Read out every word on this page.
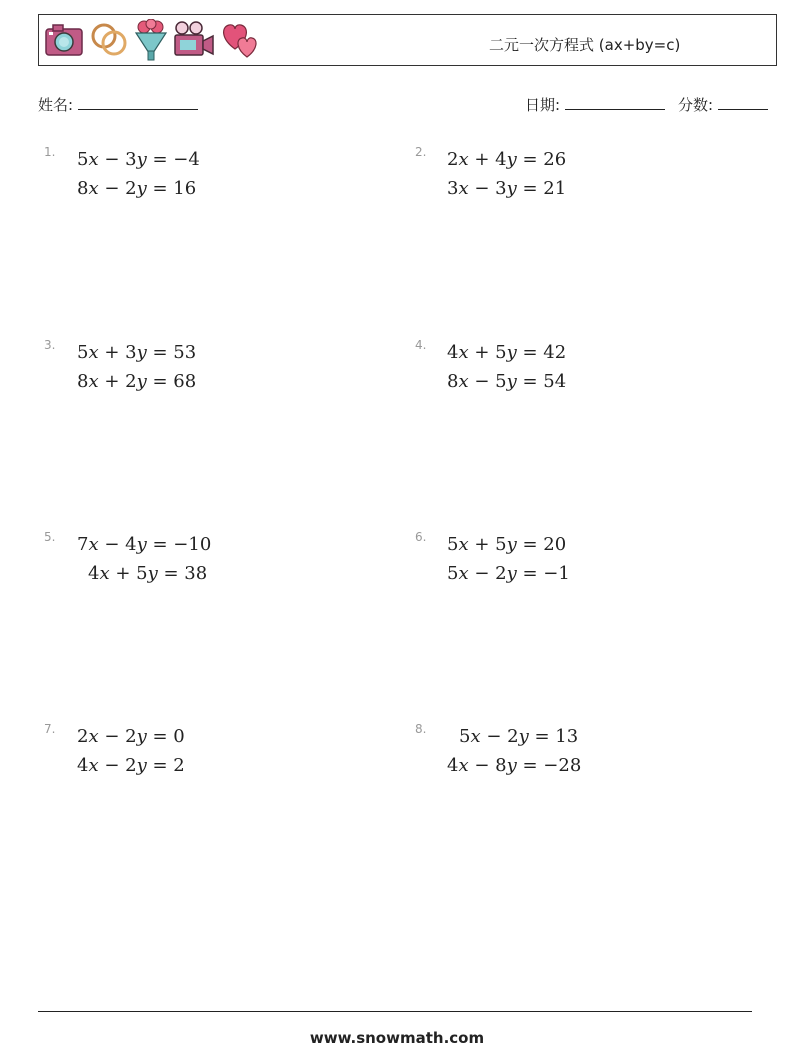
二元一次方程式 (ax+by=c)
姓名:	日期:	分数:
1. 5x − 3y = −4
8x − 2y = 16
2. 2x + 4y = 26
3x − 3y = 21
3. 5x + 3y = 53
8x + 2y = 68
4. 4x + 5y = 42
8x − 5y = 54
5. 7x − 4y = −10
4x + 5y = 38
6. 5x + 5y = 20
5x − 2y = −1
7. 2x − 2y = 0
4x − 2y = 2
8. 5x − 2y = 13
4x − 8y = −28
www.snowmath.com
